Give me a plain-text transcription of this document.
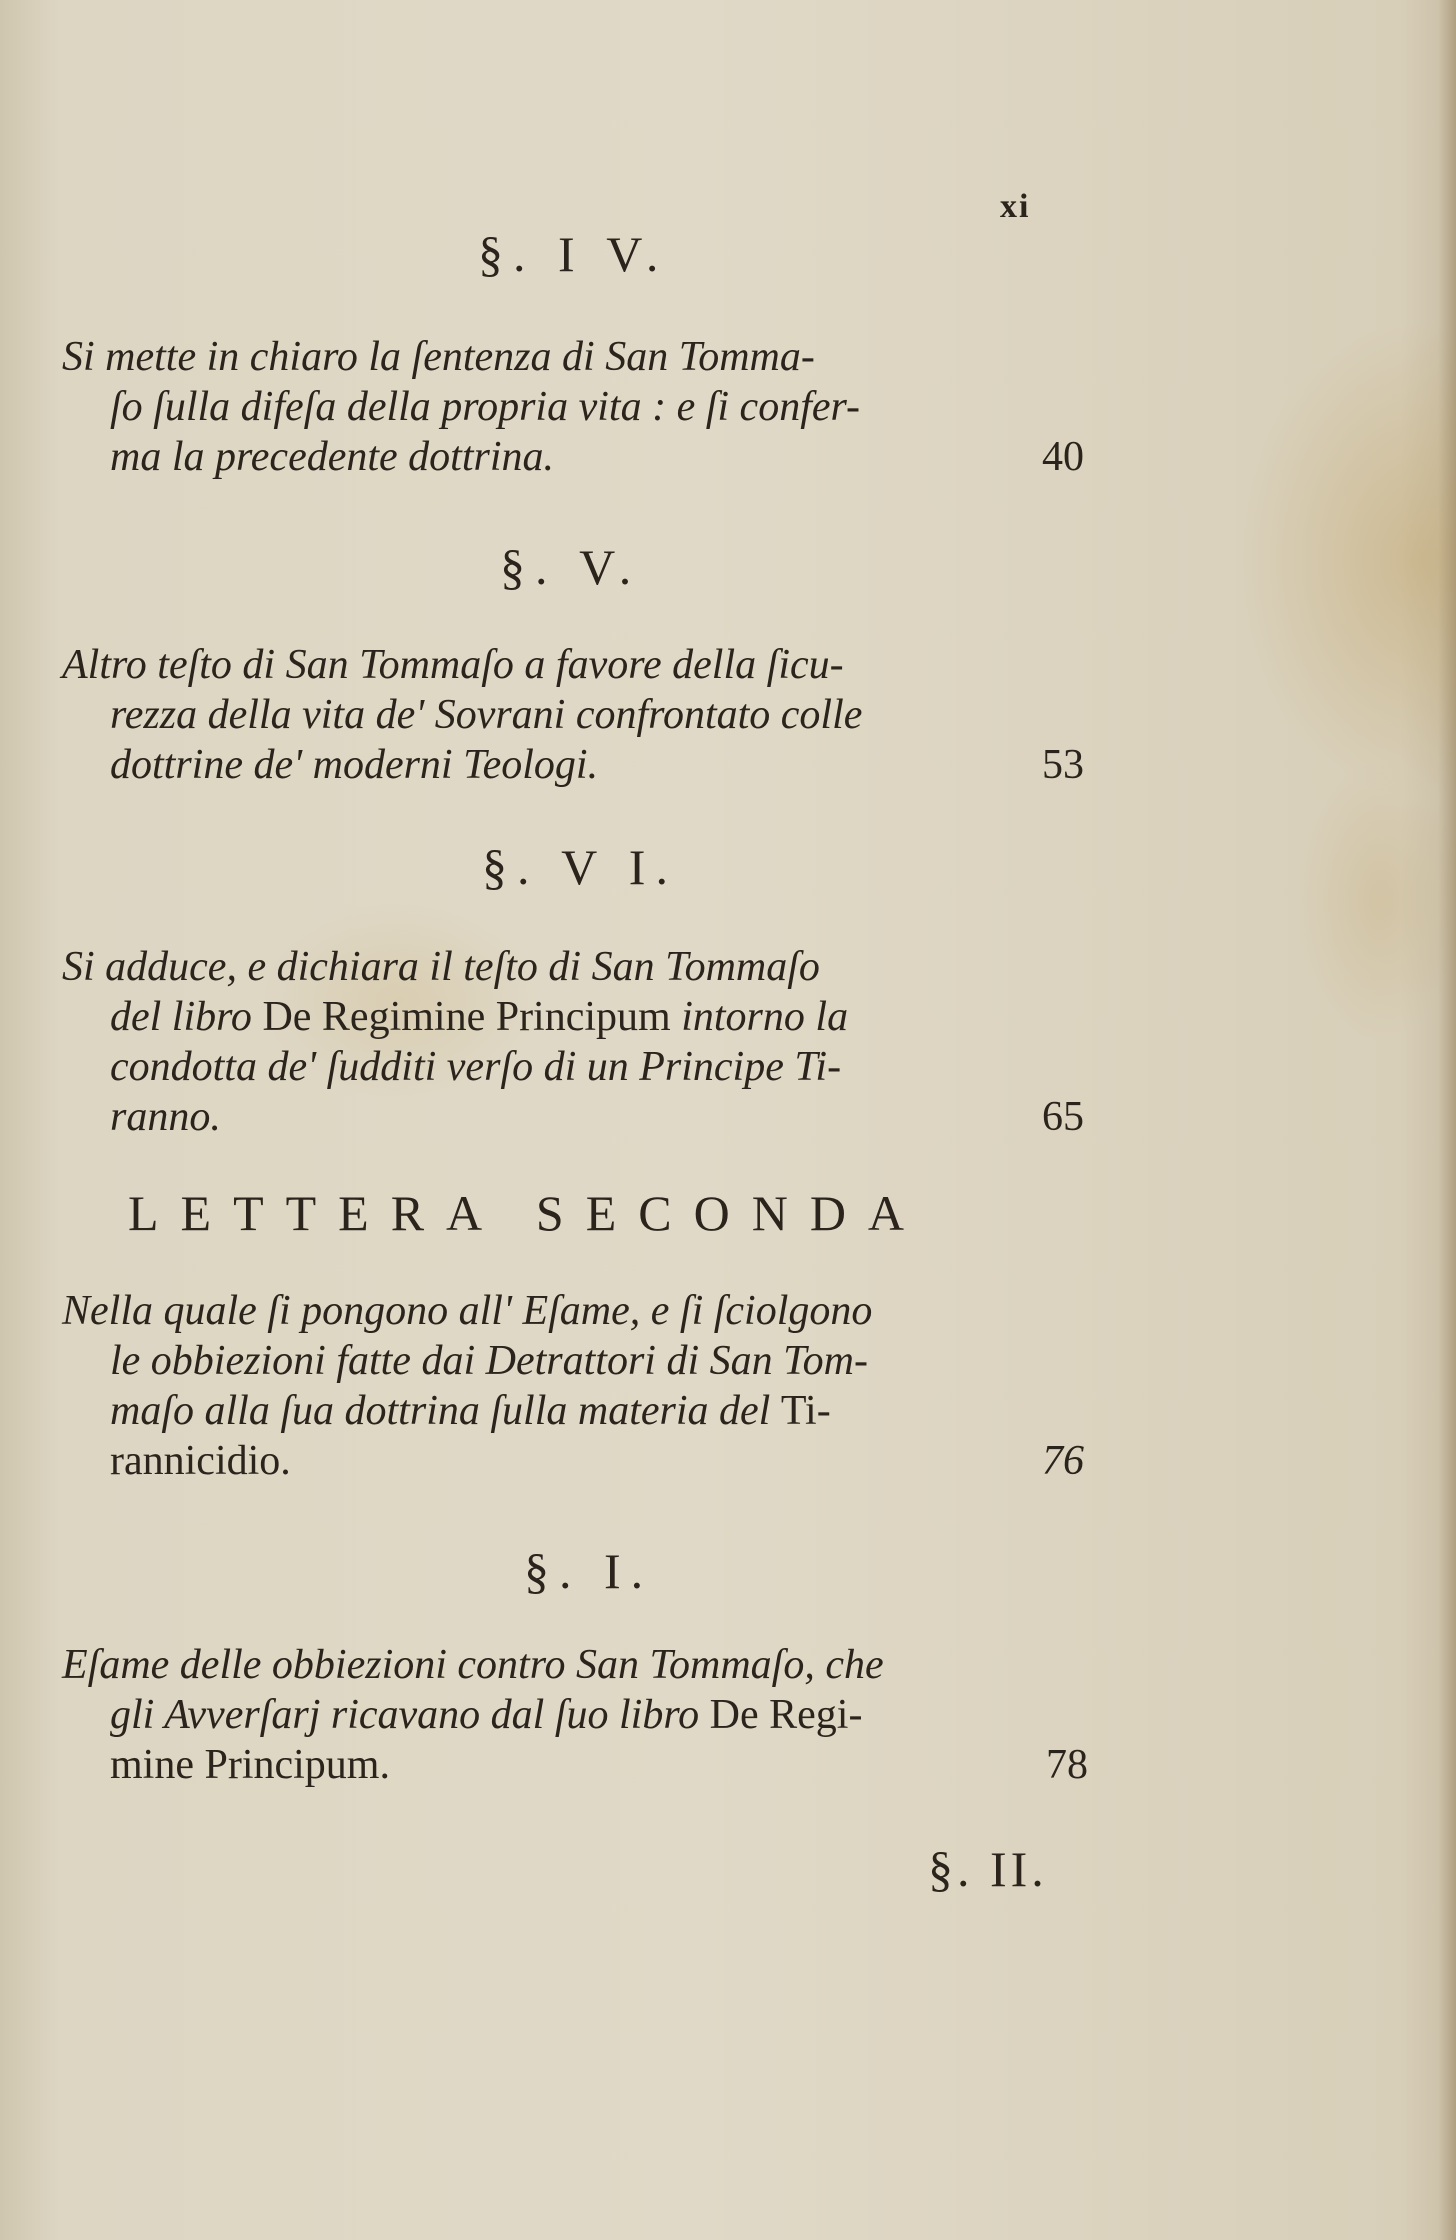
xi
§. I V.
Si mette in chiaro la ſentenza di San Tomma-
ſo ſulla difeſa della propria vita : e ſi confer-
ma la precedente dottrina.	40
§. V.
Altro teſto di San Tommaſo a favore della ſicu-
rezza della vita de' Sovrani confrontato colle
dottrine de' moderni Teologi.	53
§. V I.
Si adduce, e dichiara il teſto di San Tommaſo
del libro De Regimine Principum intorno la
condotta de' ſudditi verſo di un Principe Ti-
ranno.	65
LETTERA SECONDA
Nella quale ſi pongono all' Eſame, e ſi ſciolgono
le obbiezioni fatte dai Detrattori di San Tom-
maſo alla ſua dottrina ſulla materia del Ti-
rannicidio.	76
§. I.
Eſame delle obbiezioni contro San Tommaſo, che
gli Avverſarj ricavano dal ſuo libro De Regi-
mine Principum.	78
§. II.
